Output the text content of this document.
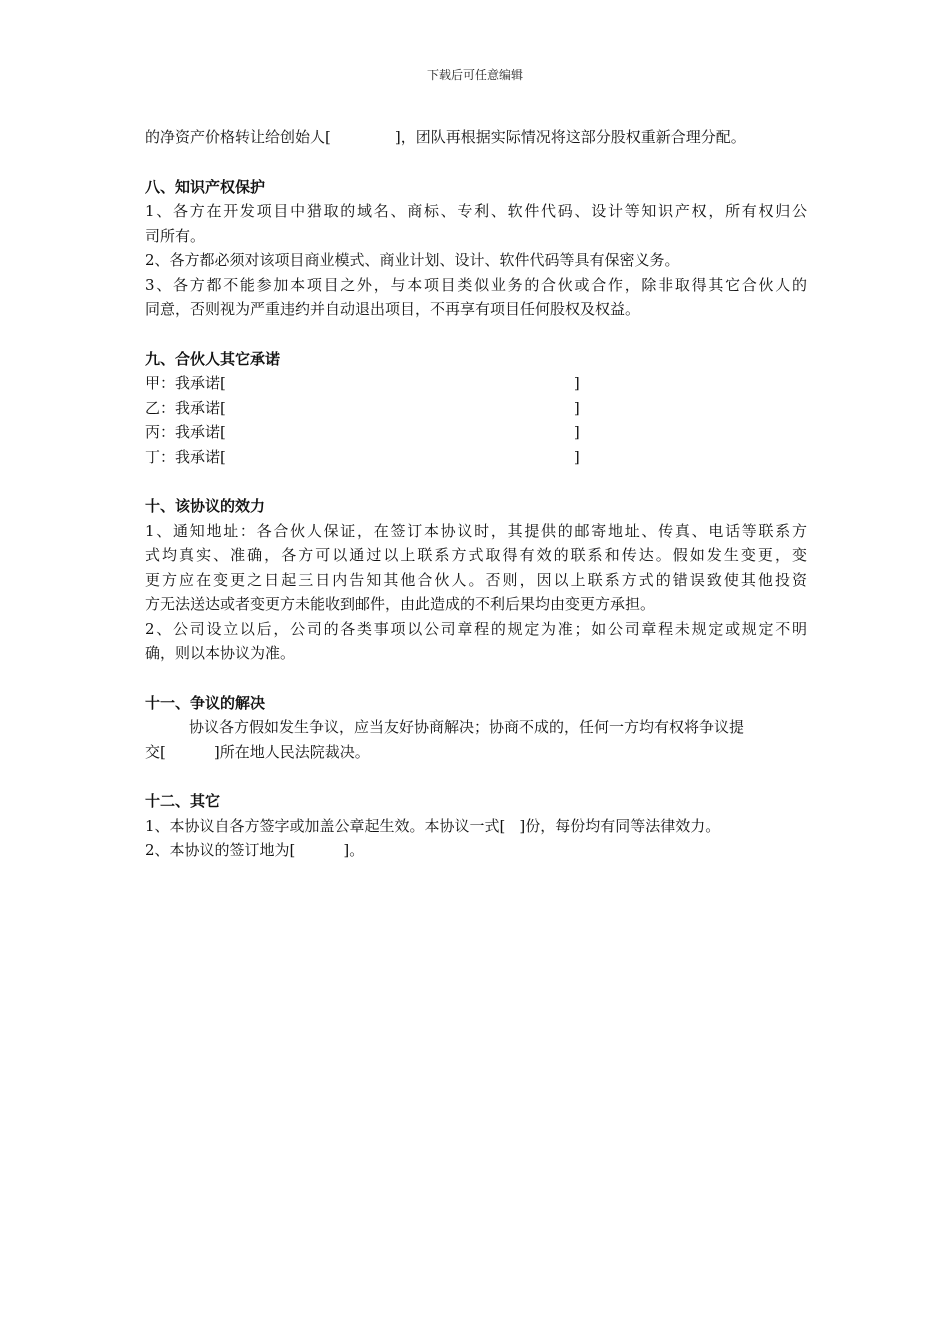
下载后可任意编辑

的净资产价格转让给创始人[	]，团队再根据实际情况将这部分股权重新合理分配。

八、知识产权保护

1、各方在开发项目中猎取的域名、商标、专利、软件代码、设计等知识产权，所有权归公

司所有。

2、各方都必须对该项目商业模式、商业计划、设计、软件代码等具有保密义务。

3、各方都不能参加本项目之外，与本项目类似业务的合伙或合作，除非取得其它合伙人的

同意，否则视为严重违约并自动退出项目，不再享有项目任何股权及权益。

九、合伙人其它承诺

甲：我承诺[	]

乙：我承诺[	]

丙：我承诺[	]

丁：我承诺[	]

十、该协议的效力

1、通知地址：各合伙人保证，在签订本协议时，其提供的邮寄地址、传真、电话等联系方

式均真实、准确，各方可以通过以上联系方式取得有效的联系和传达。假如发生变更，变

更方应在变更之日起三日内告知其他合伙人。否则，因以上联系方式的错误致使其他投资

方无法送达或者变更方未能收到邮件，由此造成的不利后果均由变更方承担。

2、公司设立以后，公司的各类事项以公司章程的规定为准；如公司章程未规定或规定不明

确，则以本协议为准。

十一、争议的解决

协议各方假如发生争议，应当友好协商解决；协商不成的，任何一方均有权将争议提

交[	]所在地人民法院裁决。

十二、其它

1、本协议自各方签字或加盖公章起生效。本协议一式[ ]份，每份均有同等法律效力。

2、本协议的签订地为[	]。
